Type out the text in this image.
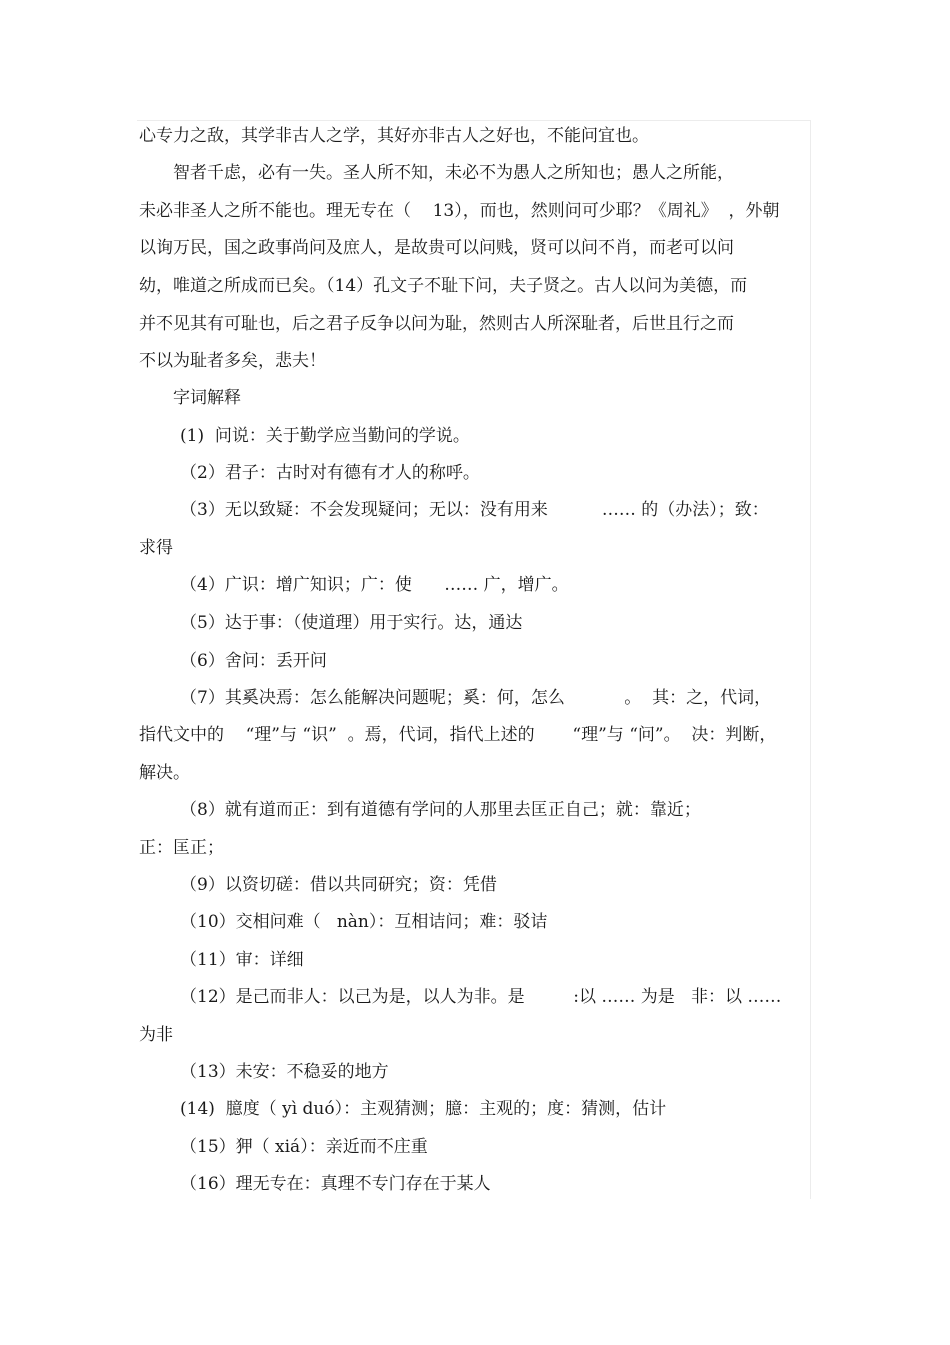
心专力之敌，其学非古人之学，其好亦非古人之好也，不能问宜也。
智者千虑，必有一失。圣人所不知，未必不为愚人之所知也；愚人之所能，
未必非圣人之所不能也。理无专在（    13），而也，然则问可少耶？《周礼》  ，外朝
以询万民，国之政事尚问及庶人，是故贵可以问贱，贤可以问不肖，而老可以问
幼，唯道之所成而已矣。（14）孔文子不耻下问，夫子贤之。古人以问为美德，而
并不见其有可耻也，后之君子反争以问为耻，然则古人所深耻者，后世且行之而
不以为耻者多矣，悲夫！
字词解释
(1)  问说：关于勤学应当勤问的学说。
（2）君子：古时对有德有才人的称呼。
（3）无以致疑：不会发现疑问；无以：没有用来          …… 的（办法）；致：
求得
（4）广识：增广知识；广：使      …… 广，增广。
（5）达于事：（使道理）用于实行。达，通达
（6）舍问：丢开问
（7）其奚决焉：怎么能解决问题呢；奚：何，怎么           。  其：之，代词，
指代文中的    “理”与 “识”  。焉，代词，指代上述的       “理”与 “问”。  决：判断，
解决。
（8）就有道而正：到有道德有学问的人那里去匡正自己；就：靠近；
正：匡正；
（9）以资切磋：借以共同研究；资：凭借
（10）交相问难（   nàn）：互相诘问；难：驳诘
（11）审：详细
（12）是己而非人：以己为是，以人为非。是         :以 …… 为是   非：以 ……
为非
（13）未安：不稳妥的地方
(14)  臆度（ yì duó）：主观猜测；臆：主观的；度：猜测，估计
（15）狎（ xiá）：亲近而不庄重
（16）理无专在：真理不专门存在于某人
